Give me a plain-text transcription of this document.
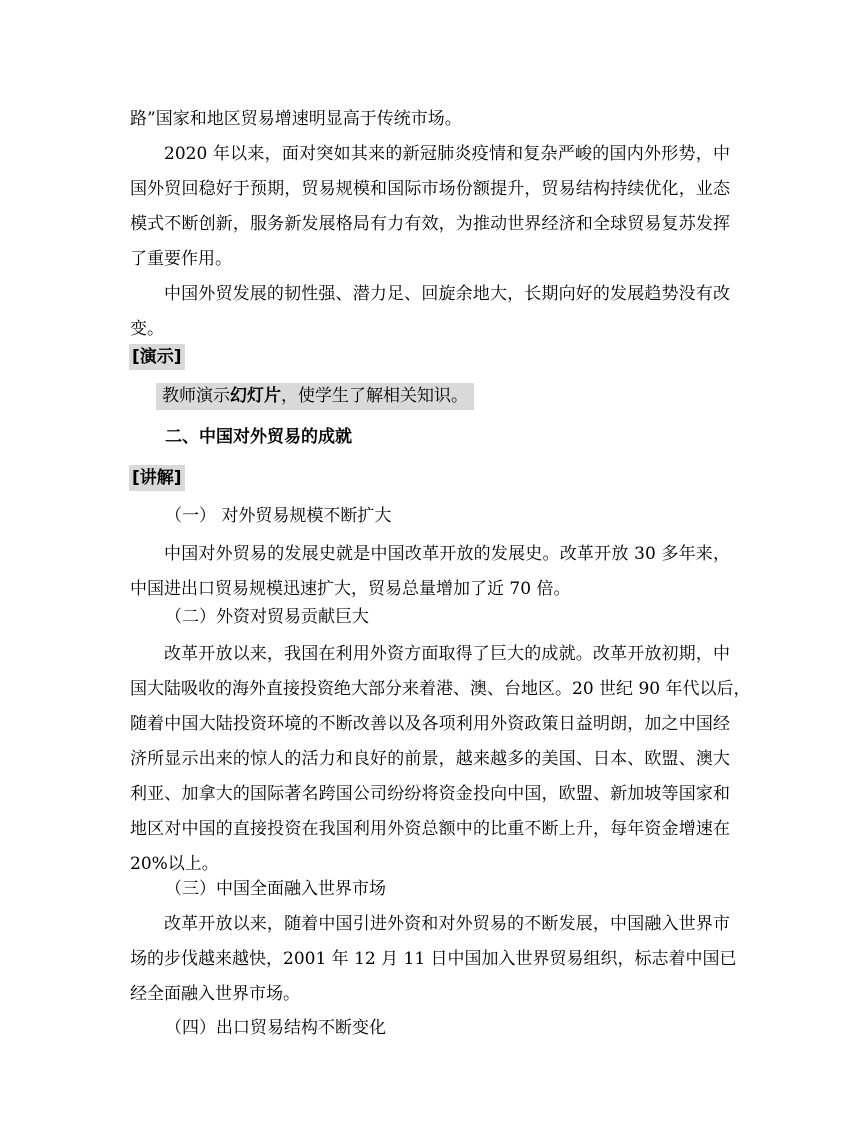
路”国家和地区贸易增速明显高于传统市场。
2020 年以来，面对突如其来的新冠肺炎疫情和复杂严峻的国内外形势，中
国外贸回稳好于预期，贸易规模和国际市场份额提升，贸易结构持续优化，业态
模式不断创新，服务新发展格局有力有效，为推动世界经济和全球贸易复苏发挥
了重要作用。
中国外贸发展的韧性强、潜力足、回旋余地大，长期向好的发展趋势没有改
变。
[演示]
教师演示幻灯片，使学生了解相关知识。
二、中国对外贸易的成就
[讲解]
（一） 对外贸易规模不断扩大
中国对外贸易的发展史就是中国改革开放的发展史。改革开放 30 多年来，
中国进出口贸易规模迅速扩大，贸易总量增加了近 70 倍。
（二）外资对贸易贡献巨大
改革开放以来，我国在利用外资方面取得了巨大的成就。改革开放初期，中
国大陆吸收的海外直接投资绝大部分来着港、澳、台地区。20 世纪 90 年代以后，
随着中国大陆投资环境的不断改善以及各项利用外资政策日益明朗，加之中国经
济所显示出来的惊人的活力和良好的前景，越来越多的美国、日本、欧盟、澳大
利亚、加拿大的国际著名跨国公司纷纷将资金投向中国，欧盟、新加坡等国家和
地区对中国的直接投资在我国利用外资总额中的比重不断上升，每年资金增速在
20%以上。
（三）中国全面融入世界市场
改革开放以来，随着中国引进外资和对外贸易的不断发展，中国融入世界市
场的步伐越来越快，2001 年 12 月 11 日中国加入世界贸易组织，标志着中国已
经全面融入世界市场。
（四）出口贸易结构不断变化
